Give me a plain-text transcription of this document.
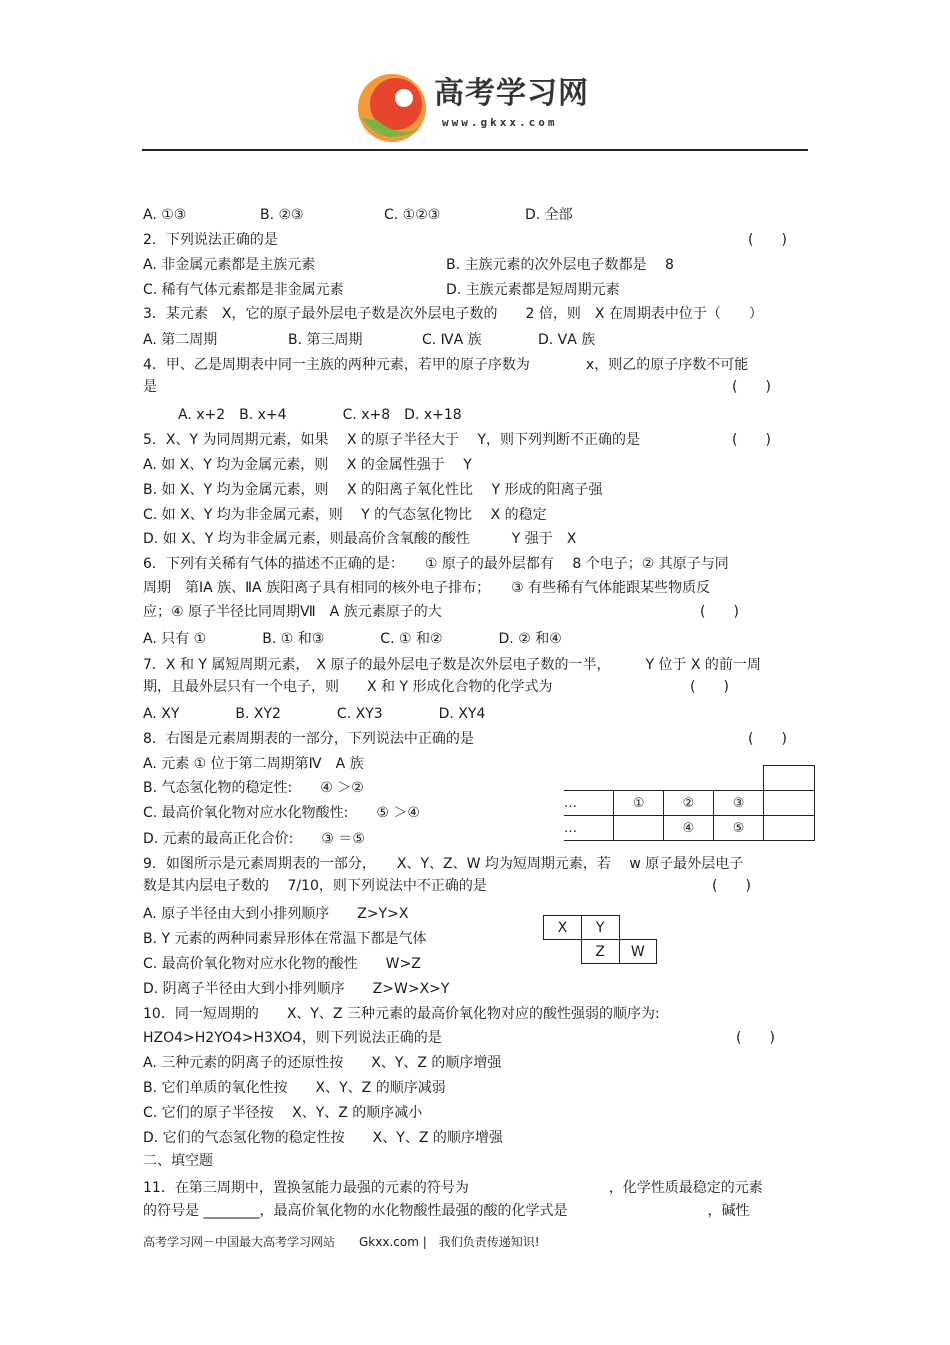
高考学习网
www.gkxx.com
A. ①③	B. ②③	C. ①②③	D. 全部
2．下列说法正确的是	(　　)
A. 非金属元素都是主族元素	B. 主族元素的次外层电子数都是　 8
C. 稀有气体元素都是非金属元素	D. 主族元素都是短周期元素
3．某元素　X，它的原子最外层电子数是次外层电子数的　　2 倍，则　X 在周期表中位于（　　）
A. 第二周期	B. 第三周期	C. ⅣA 族	D. ⅤA 族
4．甲、乙是周期表中同一主族的两种元素，若甲的原子序数为　　　　x，则乙的原子序数不可能
是	(　　)
A. x+2　B. x+4　　　　C. x+8　D. x+18
5．X、Y 为同周期元素，如果　 X 的原子半径大于　 Y，则下列判断不正确的是	(　　)
A. 如 X、Y 均为金属元素，则　 X 的金属性强于　 Y
B. 如 X、Y 均为金属元素，则　 X 的阳离子氧化性比　 Y 形成的阳离子强
C. 如 X、Y 均为非金属元素，则　 Y 的气态氢化物比　 X 的稳定
D. 如 X、Y 均为非金属元素，则最高价含氧酸的酸性　　　Y 强于　X
6．下列有关稀有气体的描述不正确的是：　　① 原子的最外层都有　 8 个电子；② 其原子与同
周期　第ⅠA 族、ⅡA 族阳离子具有相同的核外电子排布；　　③ 有些稀有气体能跟某些物质反
应；④ 原子半径比同周期Ⅶ　A 族元素原子的大	(　　)
A. 只有 ①　　　　B. ① 和③　　　　C. ① 和②　　　　D. ② 和④
7．X 和 Y 属短周期元素，　X 原子的最外层电子数是次外层电子数的一半，　　　Y 位于 X 的前一周
期，且最外层只有一个电子，则　　X 和 Y 形成化合物的化学式为	(　　)
A. XY　　　　B. XY2　　　　C. XY3　　　　D. XY4
8．右图是元素周期表的一部分，下列说法中正确的是	(　　)
A. 元素 ① 位于第二周期第Ⅳ　A 族
B. 气态氢化物的稳定性:　　④ ＞②
C. 最高价氧化物对应水化物酸性:　　⑤ ＞④
D. 元素的最高正化合价:　　③ ＝⑤

…	①	②	③	
…		④	⑤	
9．如图所示是元素周期表的一部分，　　X、Y、Z、W 均为短周期元素，若　 w 原子最外层电子
数是其内层电子数的　 7/10，则下列说法中不正确的是	(　　)
A. 原子半径由大到小排列顺序　　Z>Y>X
B. Y 元素的两种同素异形体在常温下都是气体
C. 最高价氧化物对应水化物的酸性　　W>Z
D. 阴离子半径由大到小排列顺序　　Z>W>X>Y
X	Y	
	Z	W
10．同一短周期的　　X、Y、Z 三种元素的最高价氧化物对应的酸性强弱的顺序为:
HZO4>H2YO4>H3XO4，则下列说法正确的是	(　　)
A. 三种元素的阴离子的还原性按　　X、Y、Z 的顺序增强
B. 它们单质的氧化性按　　X、Y、Z 的顺序减弱
C. 它们的原子半径按　 X、Y、Z 的顺序减小
D. 它们的气态氢化物的稳定性按　　X、Y、Z 的顺序增强
二、填空题
11．在第三周期中，置换氢能力最强的元素的符号为　　　　　　　　　　，化学性质最稳定的元素
的符号是 ________，最高价氧化物的水化物酸性最强的酸的化学式是　　　　　　　　　　，碱性
高考学习网－中国最大高考学习网站　　Gkxx.com |　我们负责传递知识!
